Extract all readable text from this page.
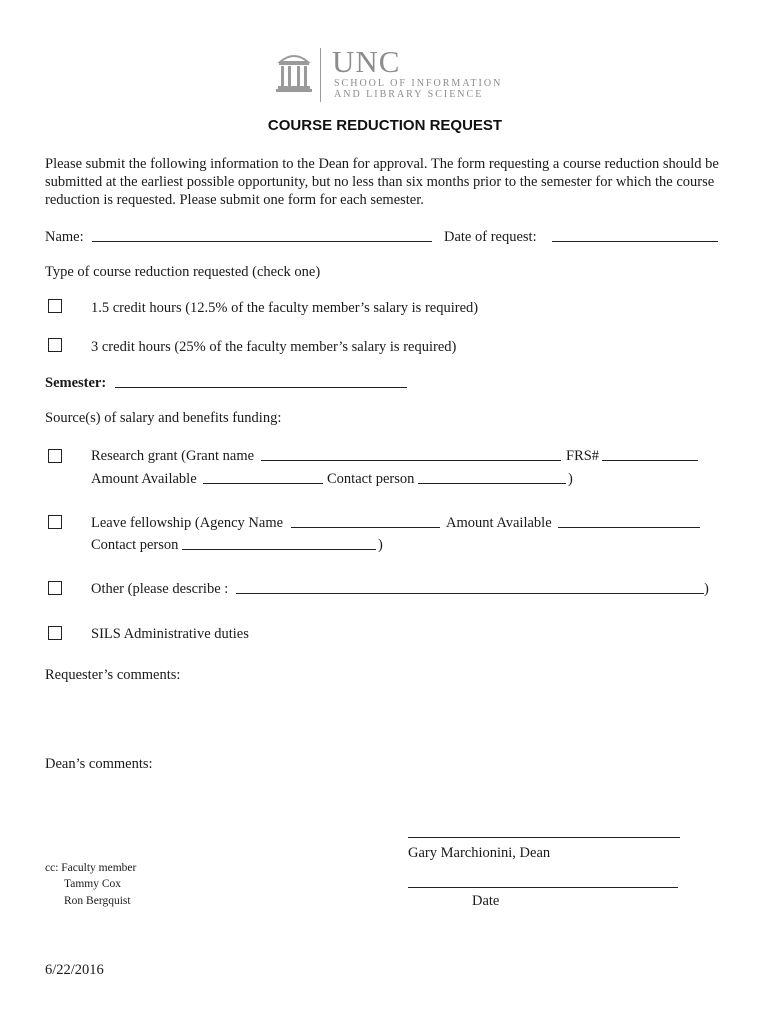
UNC
SCHOOL OF INFORMATION
AND LIBRARY SCIENCE
COURSE REDUCTION REQUEST
Please submit the following information to the Dean for approval. The form requesting a course reduction should be submitted at the earliest possible opportunity, but no less than six months prior to the semester for which the course reduction is requested. Please submit one form for each semester.
Name:	Date of request:
Type of course reduction requested (check one)
1.5 credit hours (12.5% of the faculty member’s salary is required)
3 credit hours (25% of the faculty member’s salary is required)
Semester:
Source(s) of salary and benefits funding:
Research grant (Grant name	FRS#
Amount Available	Contact person	)
Leave fellowship (Agency Name	Amount Available
Contact person	)
Other (please describe :	)
SILS Administrative duties
Requester’s comments:
Dean’s comments:
Gary Marchionini, Dean
cc: Faculty member
Tammy Cox
Ron Bergquist	Date
6/22/2016
